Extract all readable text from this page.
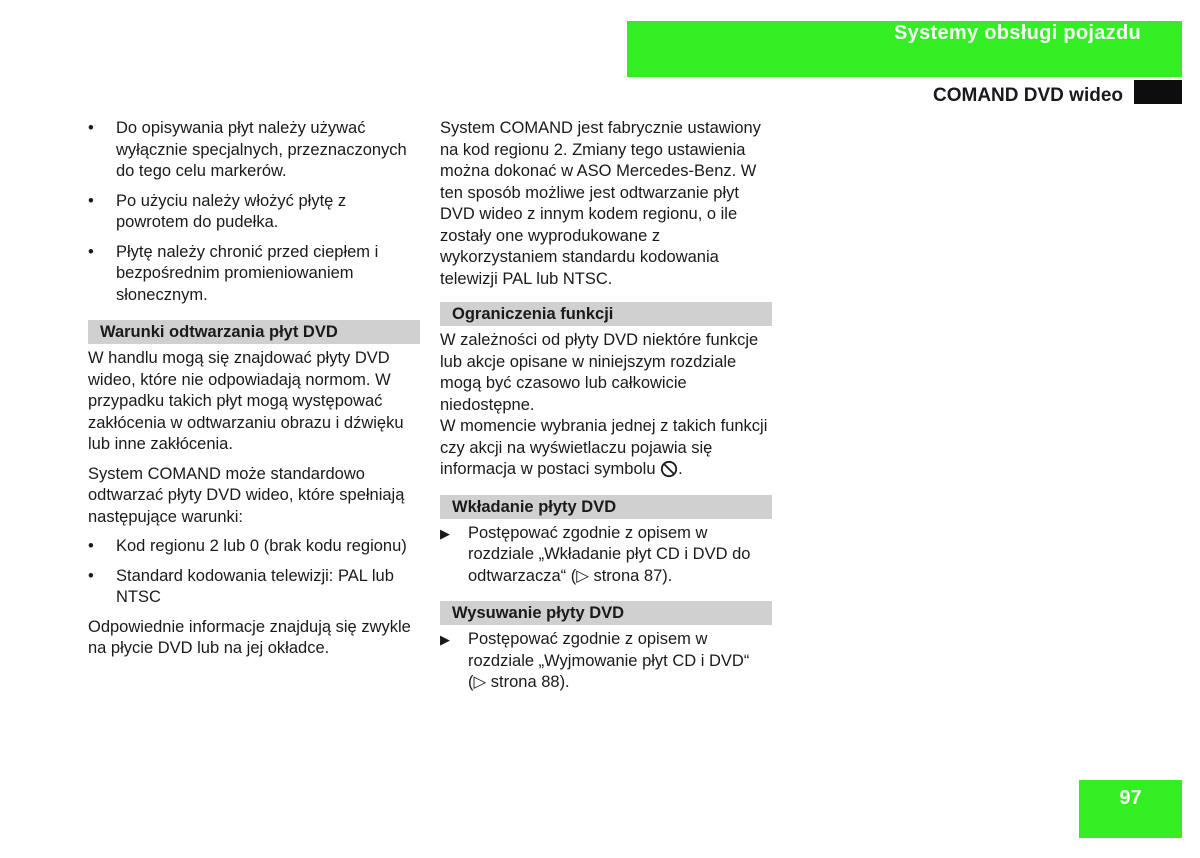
Systemy obsługi pojazdu
COMAND DVD wideo
• Do opisywania płyt należy używać wyłącznie specjalnych, przeznaczonych do tego celu markerów.
• Po użyciu należy włożyć płytę z powrotem do pudełka.
• Płytę należy chronić przed ciepłem i bezpośrednim promieniowaniem słonecznym.
Warunki odtwarzania płyt DVD

W handlu mogą się znajdować płyty DVD wideo, które nie odpowiadają normom. W przypadku takich płyt mogą występować zakłócenia w odtwarzaniu obrazu i dźwięku lub inne zakłócenia.

System COMAND może standardowo odtwarzać płyty DVD wideo, które spełniają następujące warunki:

• Kod regionu 2 lub 0 (brak kodu regionu)
• Standard kodowania telewizji: PAL lub NTSC

Odpowiednie informacje znajdują się zwykle na płycie DVD lub na jej okładce.

System COMAND jest fabrycznie ustawiony na kod regionu 2. Zmiany tego ustawienia można dokonać w ASO Mercedes-Benz. W ten sposób możliwe jest odtwarzanie płyt DVD wideo z innym kodem regionu, o ile zostały one wyprodukowane z wykorzystaniem standardu kodowania telewizji PAL lub NTSC.

Ograniczenia funkcji
W zależności od płyty DVD niektóre funkcje lub akcje opisane w niniejszym rozdziale mogą być czasowo lub całkowicie niedostępne.

W momencie wybrania jednej z takich funkcji czy akcji na wyświetlaczu pojawia się informacja w postaci symbolu .

Wkładanie płyty DVD
▶ Postępować zgodnie z opisem w rozdziale „Wkładanie płyt CD i DVD do odtwarzacza“ (▷ strona 87).
Wysuwanie płyty DVD
▶ Postępować zgodnie z opisem w rozdziale „Wyjmowanie płyt CD i DVD“ (▷ strona 88).
97
